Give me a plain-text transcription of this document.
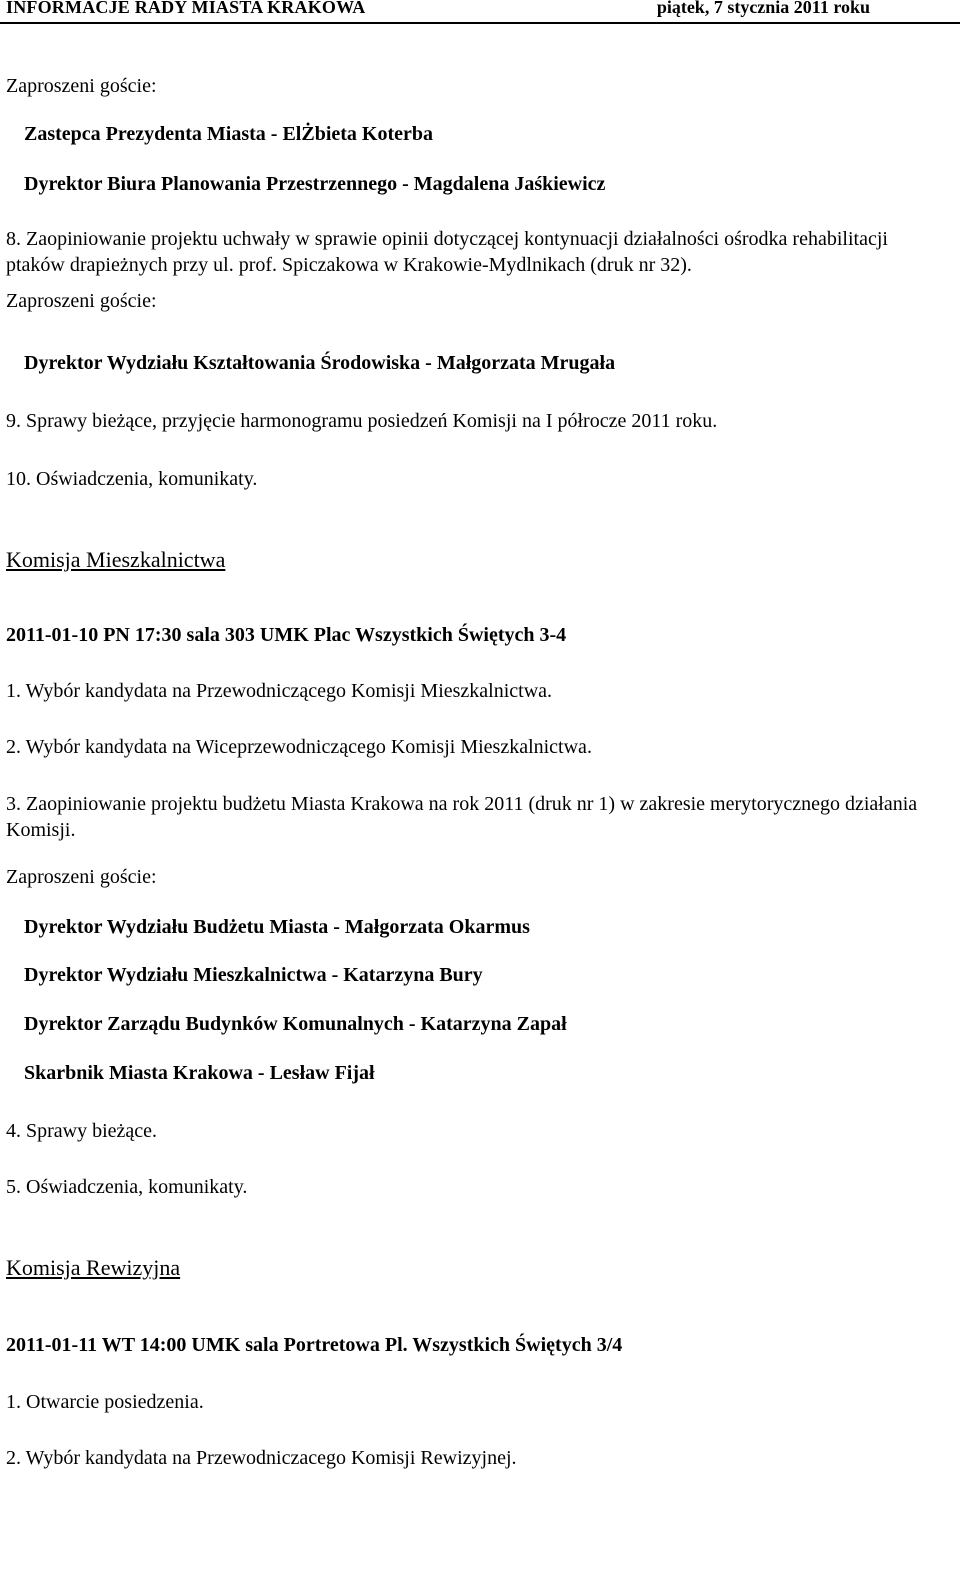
INFORMACJE RADY MIASTA KRAKOWA	piątek, 7 stycznia 2011 roku
Zaproszeni goście:
Zastepca Prezydenta Miasta - ElŻbieta Koterba
Dyrektor Biura Planowania Przestrzennego - Magdalena Jaśkiewicz
8. Zaopiniowanie projektu uchwały w sprawie opinii dotyczącej kontynuacji działalności ośrodka rehabilitacji ptaków drapieżnych przy ul. prof. Spiczakowa w Krakowie-Mydlnikach (druk nr 32).
Zaproszeni goście:
Dyrektor Wydziału Kształtowania Środowiska - Małgorzata Mrugała
9. Sprawy bieżące, przyjęcie harmonogramu posiedzeń Komisji na I półrocze 2011 roku.
10. Oświadczenia, komunikaty.
Komisja Mieszkalnictwa
2011-01-10 PN 17:30 sala 303 UMK Plac Wszystkich Świętych 3-4
1. Wybór kandydata na Przewodniczącego Komisji Mieszkalnictwa.
2. Wybór kandydata na Wiceprzewodniczącego Komisji Mieszkalnictwa.
3. Zaopiniowanie projektu budżetu Miasta Krakowa na rok 2011 (druk nr 1) w zakresie merytorycznego działania Komisji.
Zaproszeni goście:
Dyrektor Wydziału Budżetu Miasta - Małgorzata Okarmus
Dyrektor Wydziału Mieszkalnictwa - Katarzyna Bury
Dyrektor Zarządu Budynków Komunalnych - Katarzyna Zapał
Skarbnik Miasta Krakowa - Lesław Fijał
4. Sprawy bieżące.
5. Oświadczenia, komunikaty.
Komisja Rewizyjna
2011-01-11 WT 14:00 UMK sala Portretowa Pl. Wszystkich Świętych 3/4
1. Otwarcie posiedzenia.
2. Wybór kandydata na Przewodniczacego Komisji Rewizyjnej.
